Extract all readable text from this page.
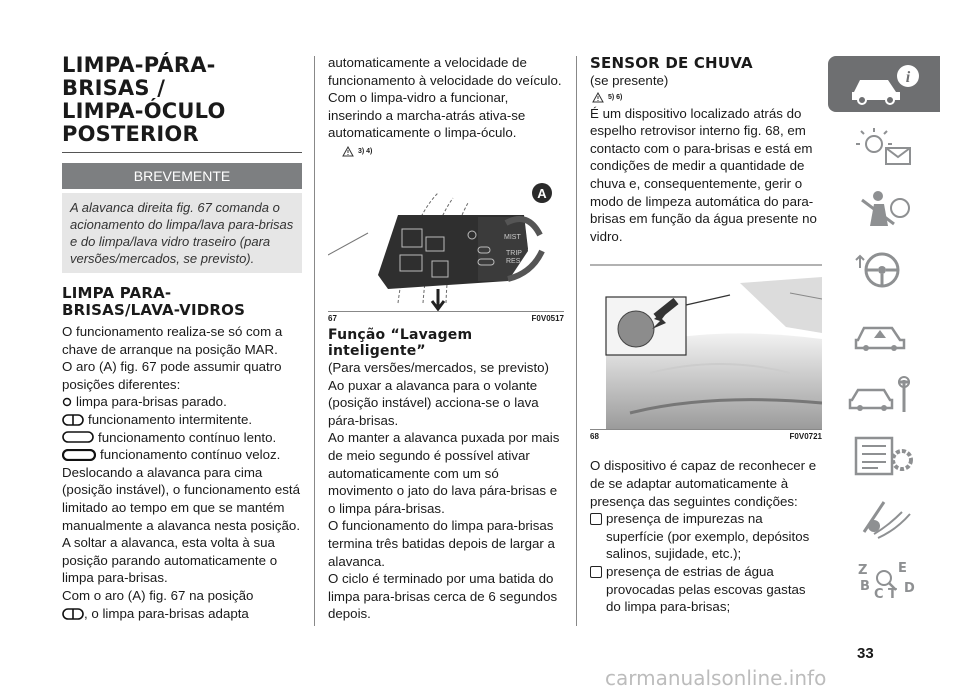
LIMPA-PÁRA-
BRISAS /
LIMPA-ÓCULO
POSTERIOR
BREVEMENTE
A alavanca direita fig. 67 comanda o acionamento do limpa/lava para-brisas e do limpa/lava vidro traseiro (para versões/mercados, se previsto).
LIMPA PARA-
BRISAS/LAVA-VIDROS

O funcionamento realiza-se só com a chave de arranque na posição MAR.

O aro (A) fig. 67 pode assumir quatro posições diferentes:

limpa para-brisas parado.
funcionamento intermitente.
funcionamento contínuo lento.
funcionamento contínuo veloz.

Deslocando a alavanca para cima (posição instável), o funcionamento está limitado ao tempo em que se mantém manualmente a alavanca nesta posição. A soltar a alavanca, esta volta à sua posição parando automaticamente o limpa para-brisas.

Com o aro (A) fig. 67 na posição

, o limpa para-brisas adapta

automaticamente a velocidade de funcionamento à velocidade do veículo.

Com o limpa-vidro a funcionar, inserindo a marcha-atrás ativa-se automaticamente o limpa-óculo.

3) 4)
MIST
TRIP
RES
A
67	F0V0517
Função “Lavagem inteligente”

(Para versões/mercados, se previsto)

Ao puxar a alavanca para o volante (posição instável) acciona-se o lava pára-brisas.

Ao manter a alavanca puxada por mais de meio segundo é possível ativar automaticamente com um só movimento o jato do lava pára-brisas e o limpa pára-brisas.

O funcionamento do limpa para-brisas termina três batidas depois de largar a alavanca.

O ciclo é terminado por uma batida do limpa para-brisas cerca de 6 segundos depois.

SENSOR DE CHUVA

(se presente)

5) 6)

É um dispositivo localizado atrás do espelho retrovisor interno fig. 68, em contacto com o para-brisas e está em condições de medir a quantidade de chuva e, consequentemente, gerir o modo de limpeza automática do para-brisas em função da água presente no vidro.

68	F0V0721

O dispositivo é capaz de reconhecer e de se adaptar automaticamente à presença das seguintes condições:

presença de impurezas na superfície (por exemplo, depósitos salinos, sujidade, etc.);
presença de estrias de água provocadas pelas escovas gastas do limpa para-brisas;
i
Z E
B
C T D
33
carmanualsonline.info
